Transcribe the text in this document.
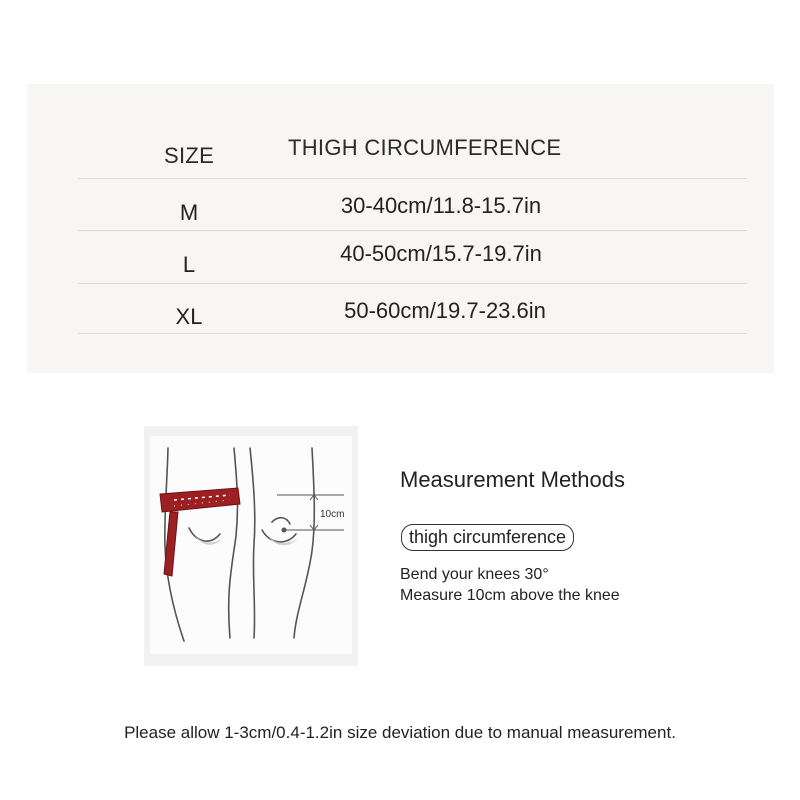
SIZE	THIGH CIRCUMFERENCE
M	30-40cm/11.8-15.7in
L	40-50cm/15.7-19.7in
XL	50-60cm/19.7-23.6in
10cm
Measurement Methods
thigh circumference
Bend your knees 30°
Measure 10cm above the knee
Please allow 1-3cm/0.4-1.2in size deviation due to manual measurement.
